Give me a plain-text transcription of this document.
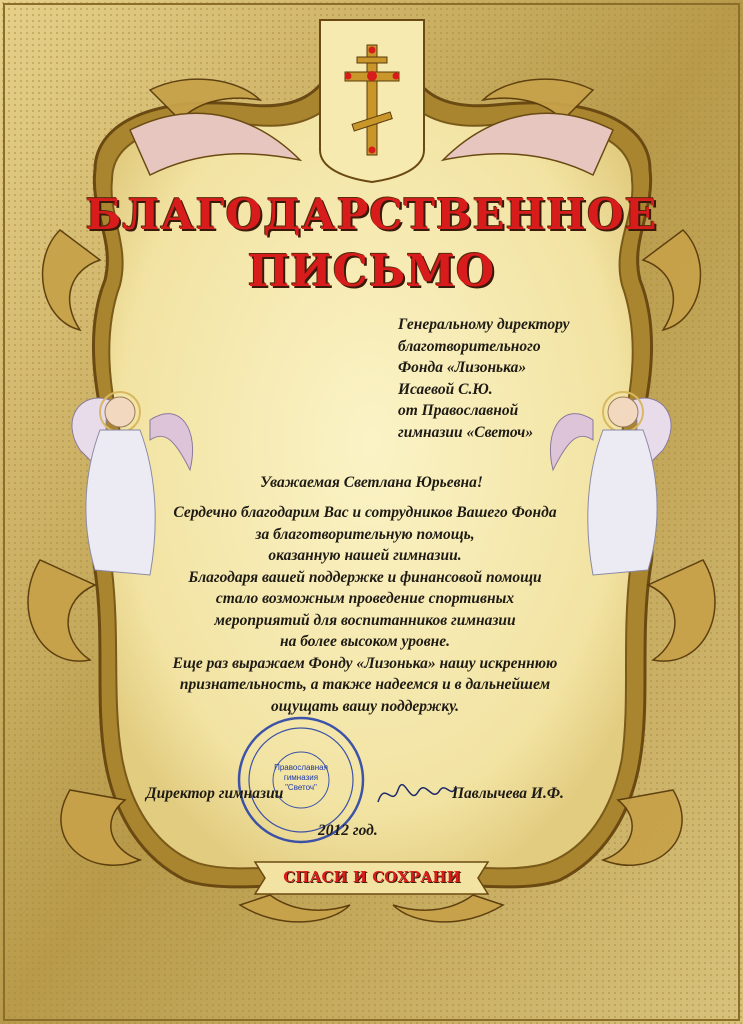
БЛАГОДАРСТВЕННОЕ
ПИСЬМО
Генеральному директору
благотворительного
Фонда «Лизонька»
Исаевой С.Ю.
от Православной
гимназии «Светоч»
Уважаемая Светлана Юрьевна!
Сердечно благодарим Вас и сотрудников Вашего Фонда
за благотворительную помощь,
оказанную нашей гимназии.
Благодаря вашей поддержке и финансовой помощи
стало возможным проведение спортивных
мероприятий для воспитанников гимназии
на более высоком уровне.
Еще раз выражаем Фонду «Лизонька» нашу искреннюю
признательность, а также надеемся и в дальнейшем
ощущать вашу поддержку.
Православная
гимназия
"Светоч"
Директор гимназии	Павлычева И.Ф.
2012 год.
СПАСИ И СОХРАНИ
